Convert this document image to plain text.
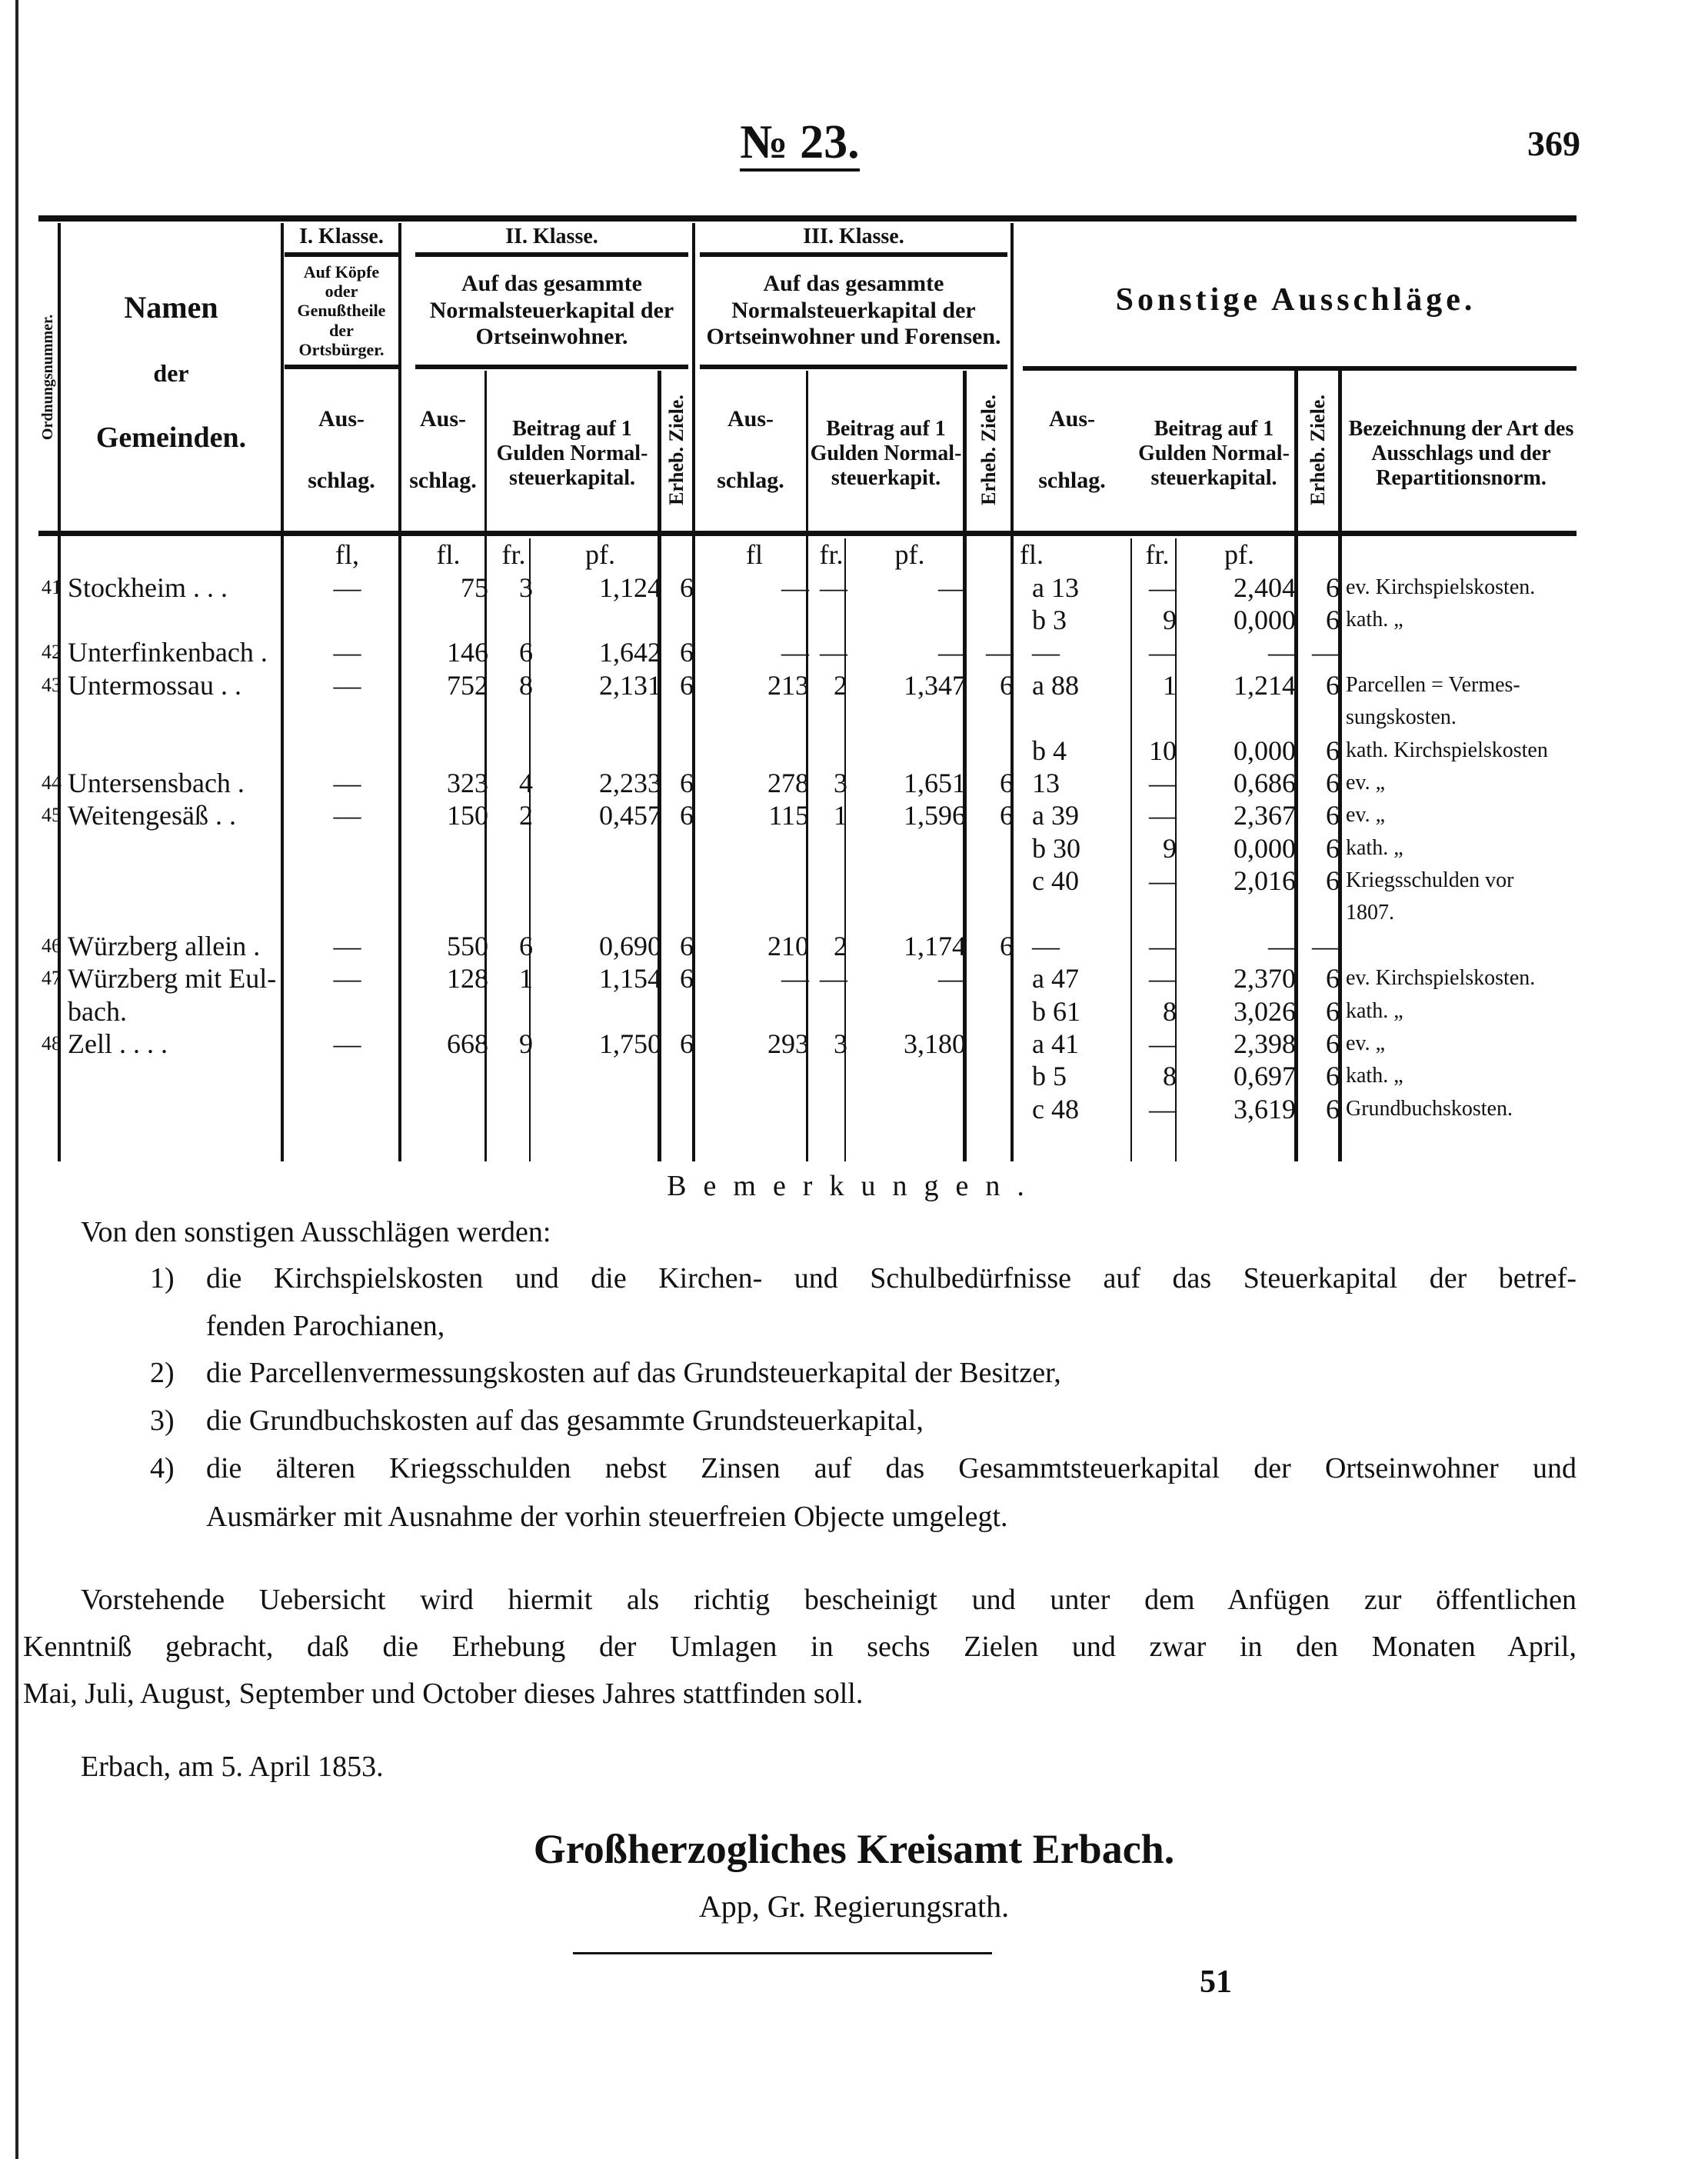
№ 23.	369
Ordnungsnummer.
Namen
der
Gemeinden.
I. Klasse.
Auf Köpfe oder Genußtheile der Ortsbürger.
Aus-
schlag.
II. Klasse.
Auf das gesammte Normalsteuerkapital der Ortseinwohner.
Aus-
schlag.
Beitrag auf 1 Gulden Normal-steuerkapital.	Erheb. Ziele.
III. Klasse.
Auf das gesammte Normalsteuerkapital der Ortseinwohner und Forensen.
Aus-
schlag.
Beitrag auf 1 Gulden Normal-steuerkapit.	Erheb. Ziele.
Sonstige Ausschläge.
Aus-
schlag.
Beitrag auf 1 Gulden Normal-steuerkapital.	Erheb. Ziele. Bezeichnung der Art des Ausschlags und der Repartitionsnorm.
		fl,	fl.	fr.	pf.		fl	fr.	pf.		fl.	fr.	pf.		
41	Stockheim . . .	—	75	3	1,124	6	—	—	—		a 13	—	2,404	6	ev. Kirchspielskosten.
											b 3	9	0,000	6	kath. „
42	Unterfinkenbach .	—	146	6	1,642	6	—	—	—	—	—	—	—	—	
43	Untermossau . .	—	752	8	2,131	6	213	2	1,347	6	a 88	1	1,214	6	Parcellen = Vermes-
															sungskosten.
											b 4	10	0,000	6	kath. Kirchspielskosten
44	Untersensbach .	—	323	4	2,233	6	278	3	1,651	6	13	—	0,686	6	ev. „
45	Weitengesäß . .	—	150	2	0,457	6	115	1	1,596	6	a 39	—	2,367	6	ev. „
											b 30	9	0,000	6	kath. „
											c 40	—	2,016	6	Kriegsschulden vor
															1807.
46	Würzberg allein .	—	550	6	0,690	6	210	2	1,174	6	—	—	—	—	
47	Würzberg mit Eul-	—	128	1	1,154	6	—	—	—		a 47	—	2,370	6	ev. Kirchspielskosten.
	bach.										b 61	8	3,026	6	kath. „
48	Zell . . . .	—	668	9	1,750	6	293	3	3,180		a 41	—	2,398	6	ev. „
											b 5	8	0,697	6	kath. „
											c 48	—	3,619	6	Grundbuchskosten.
Bemerkungen.
Von den sonstigen Ausschlägen werden:
1) die Kirchspielskosten und die Kirchen- und Schulbedürfnisse auf das Steuerkapital der betref-
fenden Parochianen,
2) die Parcellenvermessungskosten auf das Grundsteuerkapital der Besitzer,
3) die Grundbuchskosten auf das gesammte Grundsteuerkapital,
4) die älteren Kriegsschulden nebst Zinsen auf das Gesammtsteuerkapital der Ortseinwohner und
Ausmärker mit Ausnahme der vorhin steuerfreien Objecte umgelegt.
Vorstehende Uebersicht wird hiermit als richtig bescheinigt und unter dem Anfügen zur öffentlichen
Kenntniß gebracht, daß die Erhebung der Umlagen in sechs Zielen und zwar in den Monaten April,
Mai, Juli, August, September und October dieses Jahres stattfinden soll.
Erbach, am 5. April 1853.
Großherzogliches Kreisamt Erbach.
App, Gr. Regierungsrath.
51
